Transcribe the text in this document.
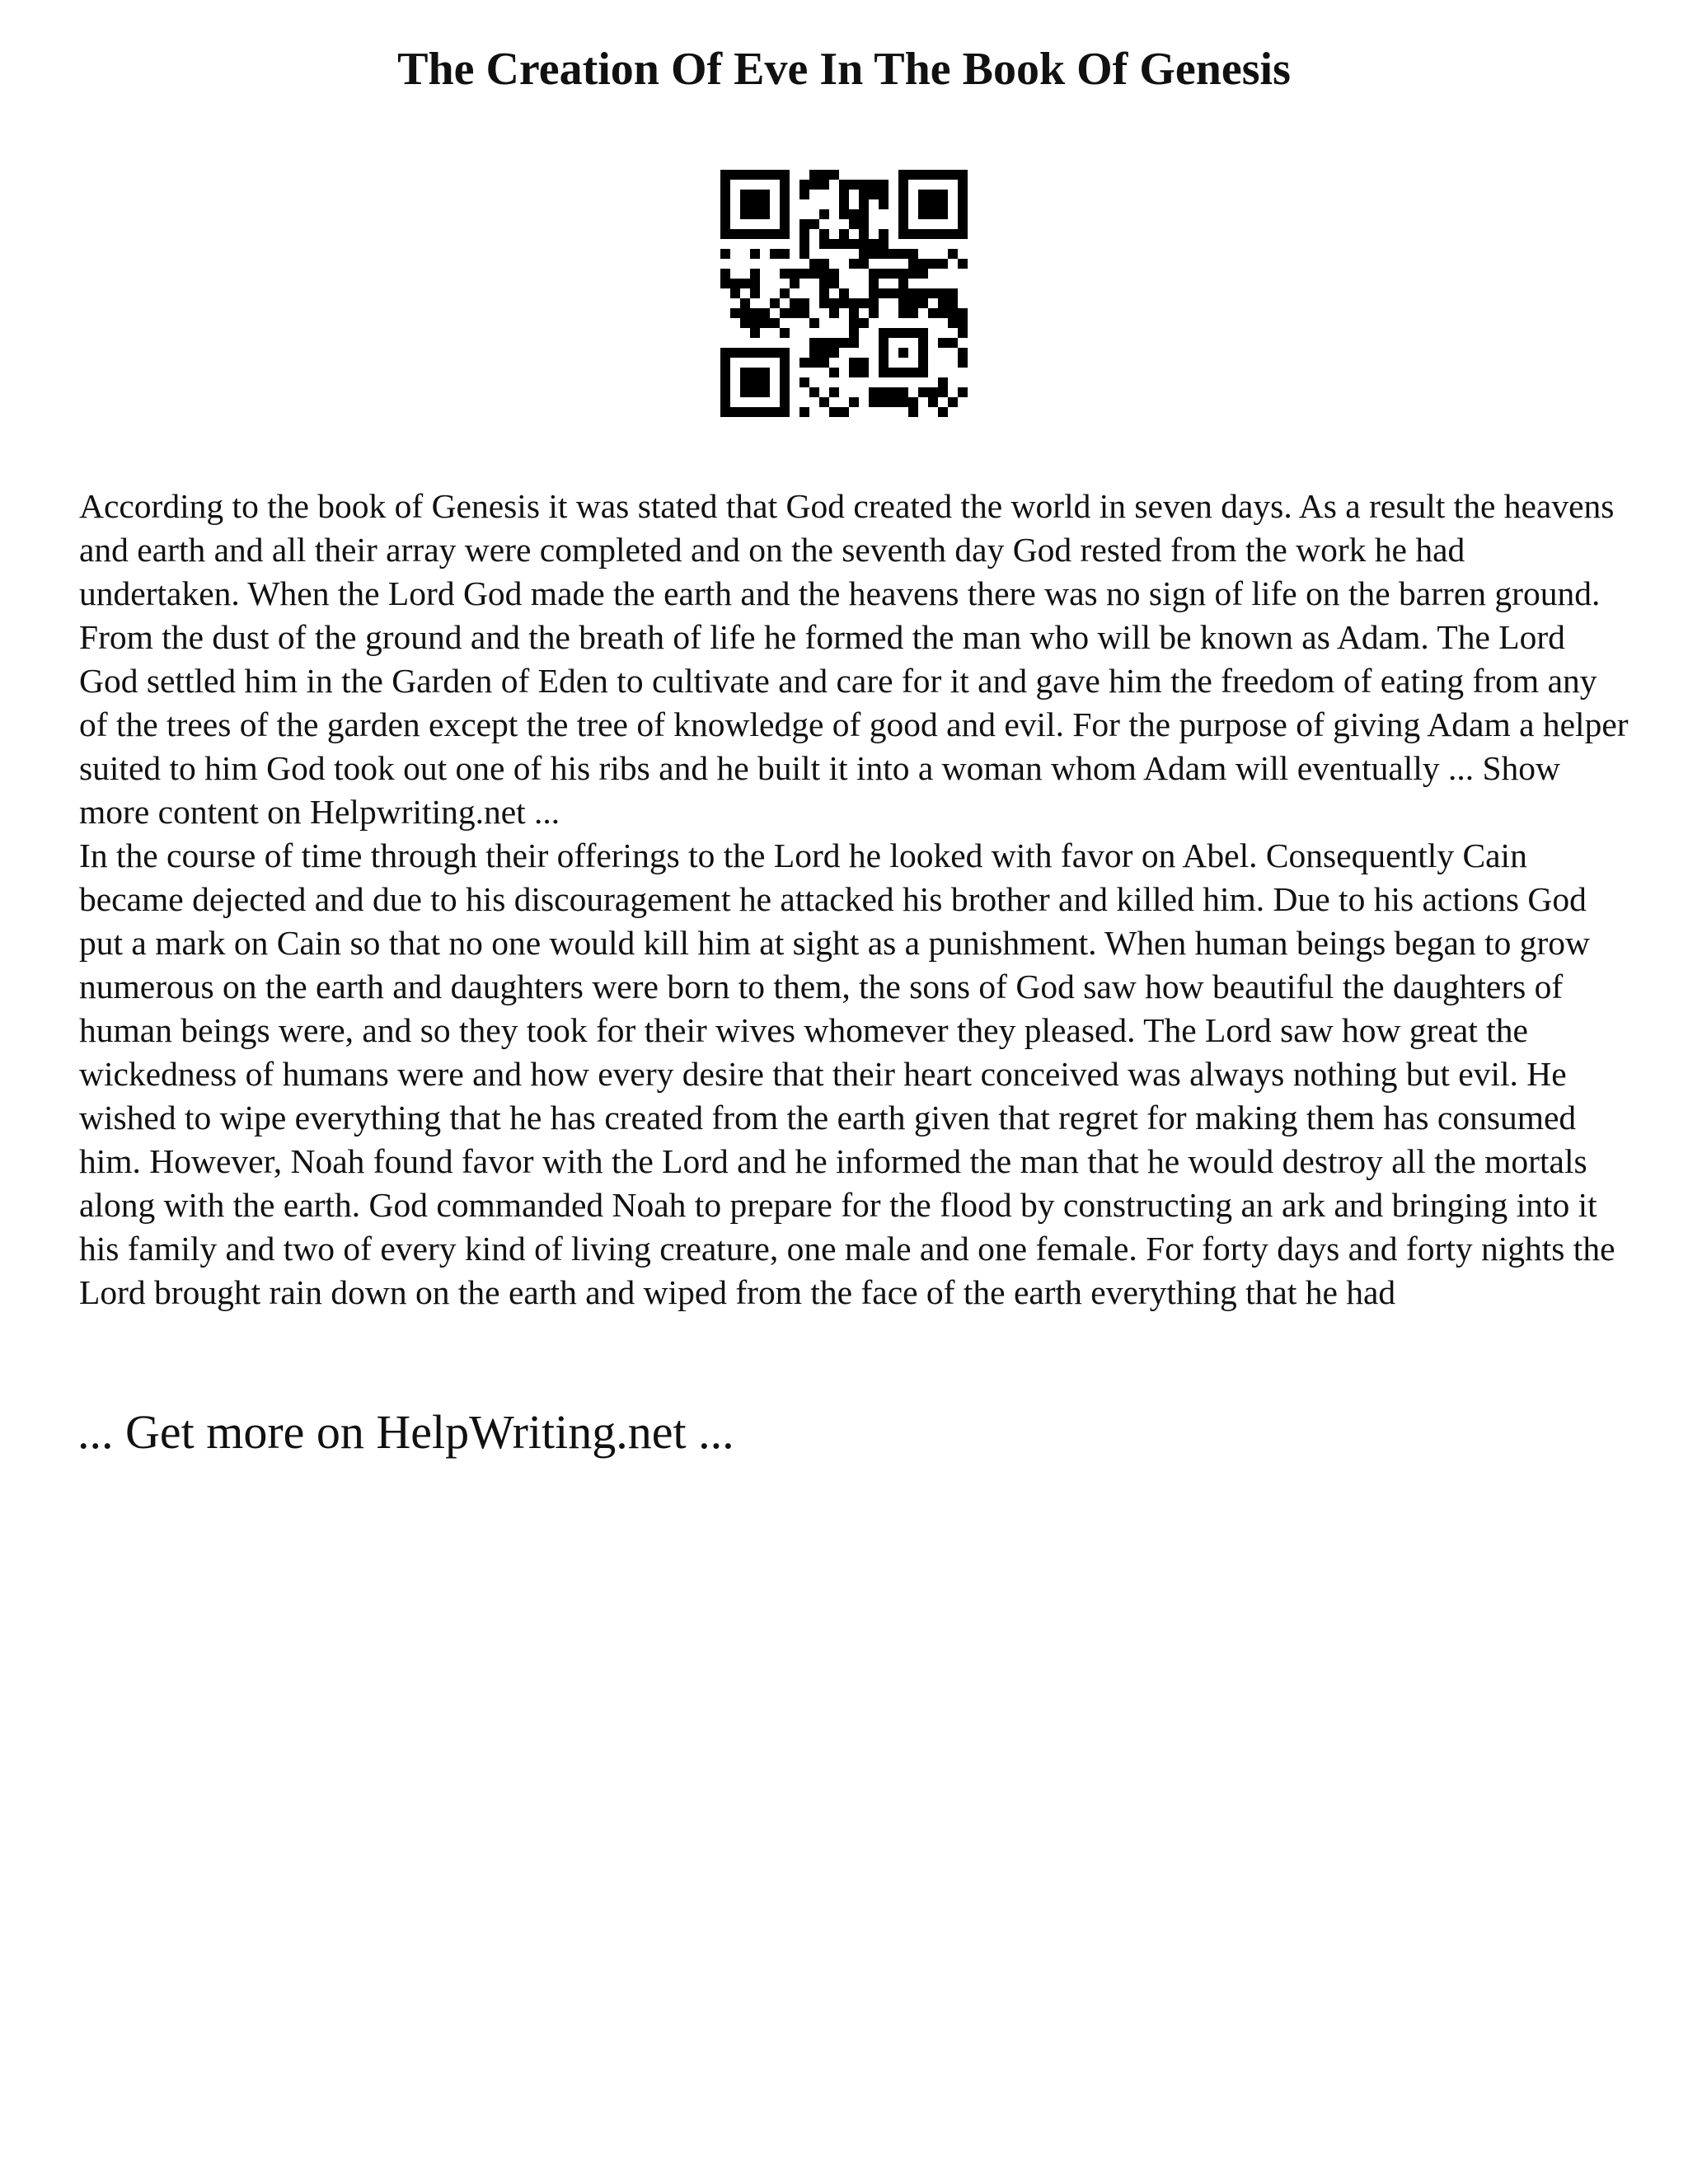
The Creation Of Eve In The Book Of Genesis

According to the book of Genesis it was stated that God created the world in seven days. As a result the heavens and earth and all their array were completed and on the seventh day God rested from the work he had undertaken. When the Lord God made the earth and the heavens there was no sign of life on the barren ground. From the dust of the ground and the breath of life he formed the man who will be known as Adam. The Lord God settled him in the Garden of Eden to cultivate and care for it and gave him the freedom of eating from any of the trees of the garden except the tree of knowledge of good and evil. For the purpose of giving Adam a helper suited to him God took out one of his ribs and he built it into a woman whom Adam will eventually ... Show more content on Helpwriting.net ...

In the course of time through their offerings to the Lord he looked with favor on Abel. Consequently Cain became dejected and due to his discouragement he attacked his brother and killed him. Due to his actions God put a mark on Cain so that no one would kill him at sight as a punishment. When human beings began to grow numerous on the earth and daughters were born to them, the sons of God saw how beautiful the daughters of human beings were, and so they took for their wives whomever they pleased. The Lord saw how great the wickedness of humans were and how every desire that their heart conceived was always nothing but evil. He wished to wipe everything that he has created from the earth given that regret for making them has consumed him. However, Noah found favor with the Lord and he informed the man that he would destroy all the mortals along with the earth. God commanded Noah to prepare for the flood by constructing an ark and bringing into it his family and two of every kind of living creature, one male and one female. For forty days and forty nights the Lord brought rain down on the earth and wiped from the face of the earth everything that he had

... Get more on HelpWriting.net ...
